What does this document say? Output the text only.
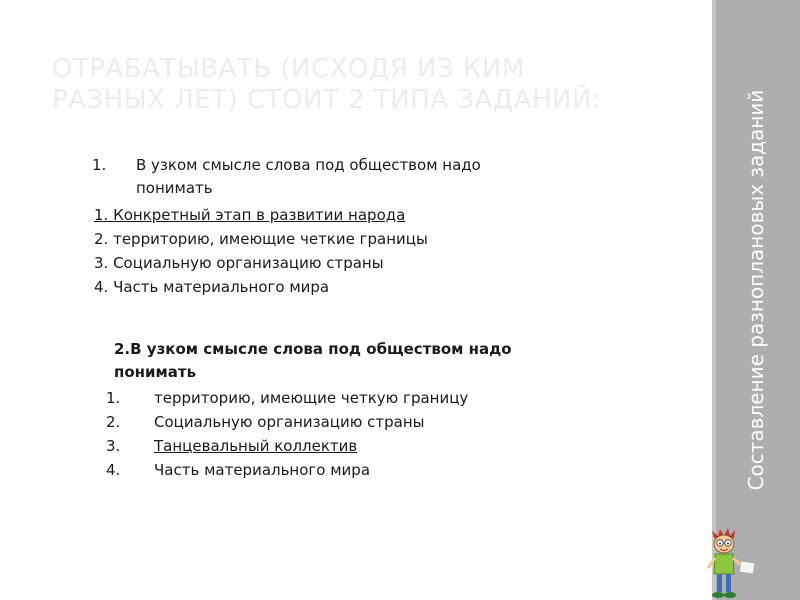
ОТРАБАТЫВАТЬ (ИСХОДЯ ИЗ КИМ
РАЗНЫХ ЛЕТ) СТОИТ 2 ТИПА ЗАДАНИЙ:	Составление разноплановых заданий
1.	В узком смысле слова под обществом надо понимать
1. Конкретный этап в развитии народа
2. территорию, имеющие четкие границы
3. Социальную организацию страны
4. Часть материального мира

2.В узком смысле слова под обществом надо понимать

1.	территорию, имеющие четкую границу
2.	Социальную организацию страны
3.	Танцевальный коллектив
4.	Часть материального мира
